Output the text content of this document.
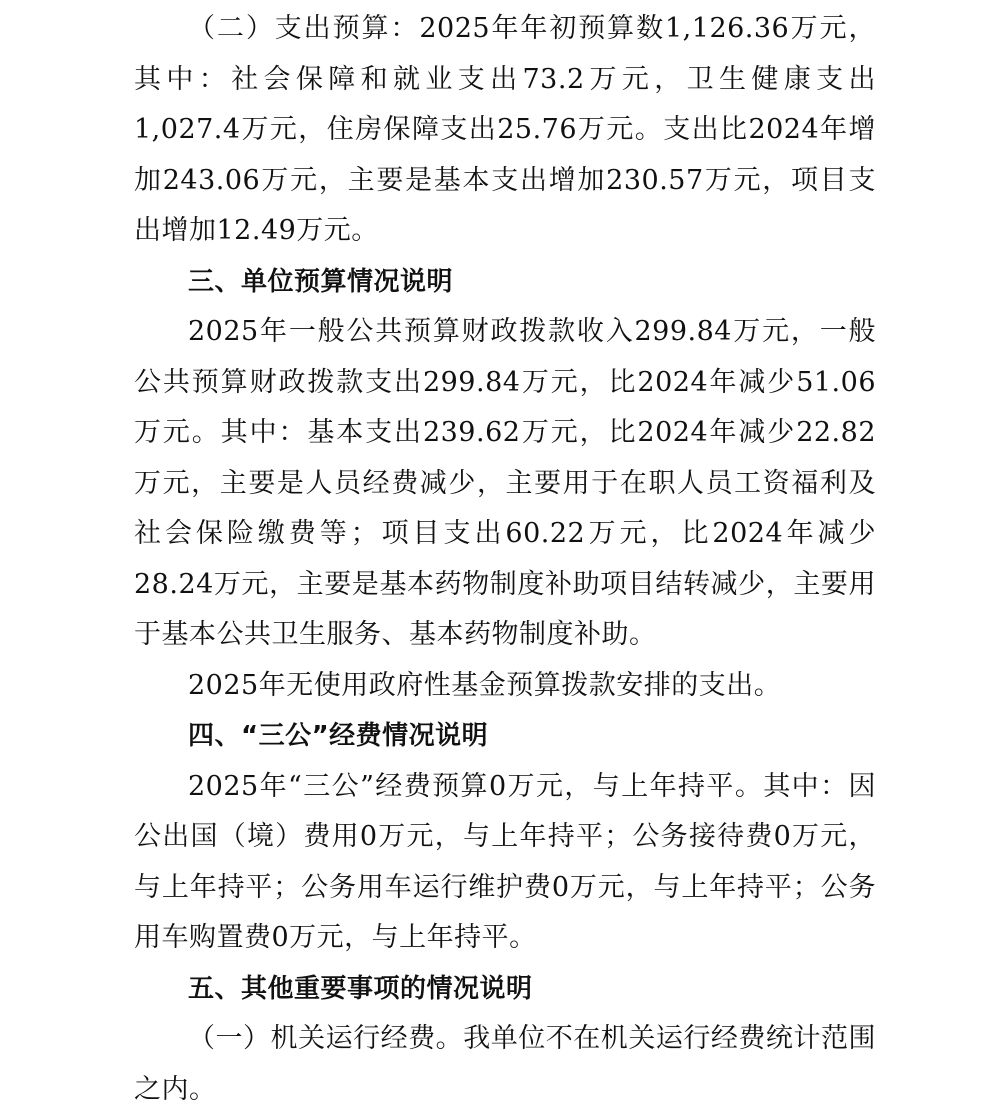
（二）支出预算：2025年年初预算数1,126.36万元，其中：社会保障和就业支出73.2万元，卫生健康支出1,027.4万元，住房保障支出25.76万元。支出比2024年增加243.06万元，主要是基本支出增加230.57万元，项目支出增加12.49万元。

三、单位预算情况说明

2025年一般公共预算财政拨款收入299.84万元，一般公共预算财政拨款支出299.84万元，比2024年减少51.06万元。其中：基本支出239.62万元，比2024年减少22.82万元，主要是人员经费减少，主要用于在职人员工资福利及社会保险缴费等；项目支出60.22万元，比2024年减少28.24万元，主要是基本药物制度补助项目结转减少，主要用于基本公共卫生服务、基本药物制度补助。

2025年无使用政府性基金预算拨款安排的支出。

四、“三公”经费情况说明

2025年“三公”经费预算0万元，与上年持平。其中：因公出国（境）费用0万元，与上年持平；公务接待费0万元，与上年持平；公务用车运行维护费0万元，与上年持平；公务用车购置费0万元，与上年持平。

五、其他重要事项的情况说明

（一）机关运行经费。我单位不在机关运行经费统计范围之内。
